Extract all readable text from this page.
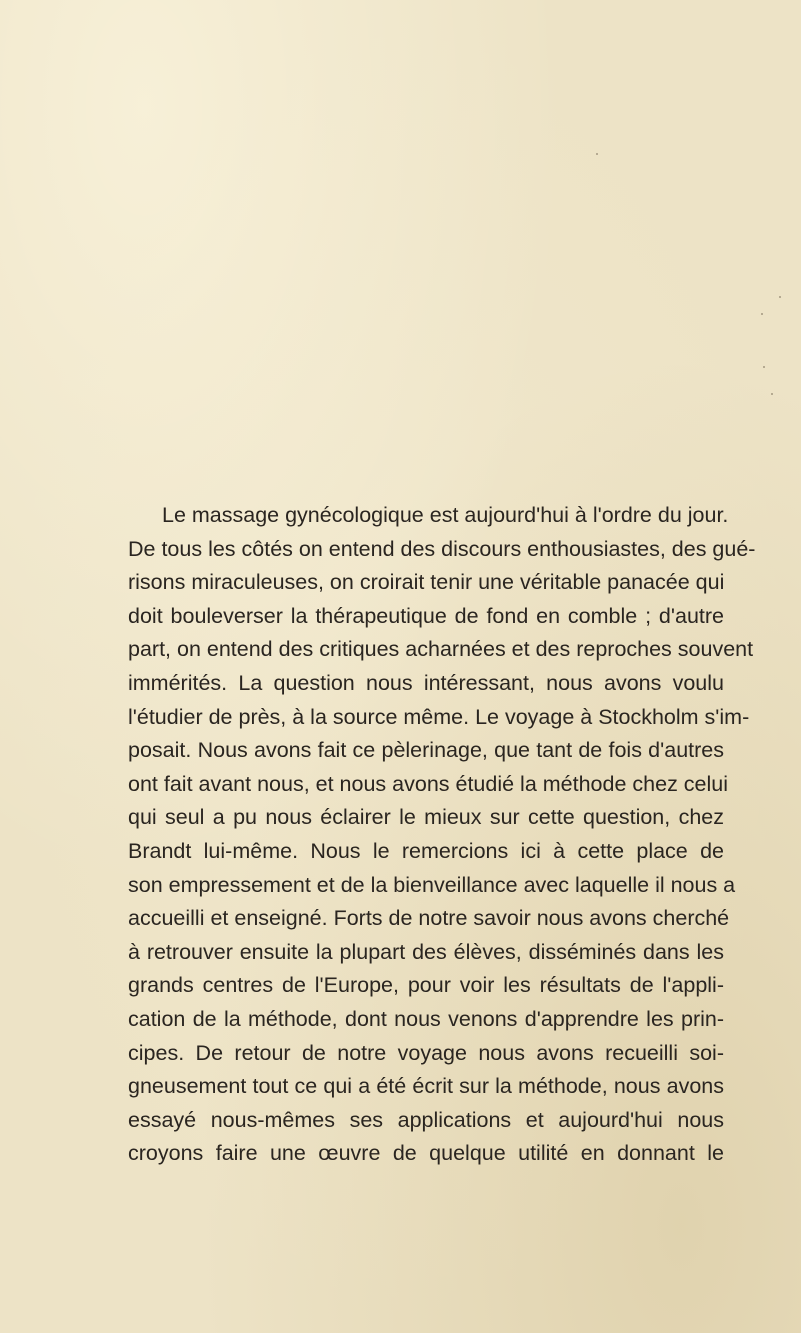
Le massage gynécologique est aujourd'hui à l'ordre du jour.
De tous les côtés on entend des discours enthousiastes, des gué-
risons miraculeuses, on croirait tenir une véritable panacée qui
doit bouleverser la thérapeutique de fond en comble ; d'autre
part, on entend des critiques acharnées et des reproches souvent
immérités. La question nous intéressant, nous avons voulu
l'étudier de près, à la source même. Le voyage à Stockholm s'im-
posait. Nous avons fait ce pèlerinage, que tant de fois d'autres
ont fait avant nous, et nous avons étudié la méthode chez celui
qui seul a pu nous éclairer le mieux sur cette question, chez
Brandt lui-même. Nous le remercions ici à cette place de
son empressement et de la bienveillance avec laquelle il nous a
accueilli et enseigné. Forts de notre savoir nous avons cherché
à retrouver ensuite la plupart des élèves, disséminés dans les
grands centres de l'Europe, pour voir les résultats de l'appli-
cation de la méthode, dont nous venons d'apprendre les prin-
cipes. De retour de notre voyage nous avons recueilli soi-
gneusement tout ce qui a été écrit sur la méthode, nous avons
essayé nous-mêmes ses applications et aujourd'hui nous
croyons faire une œuvre de quelque utilité en donnant le
